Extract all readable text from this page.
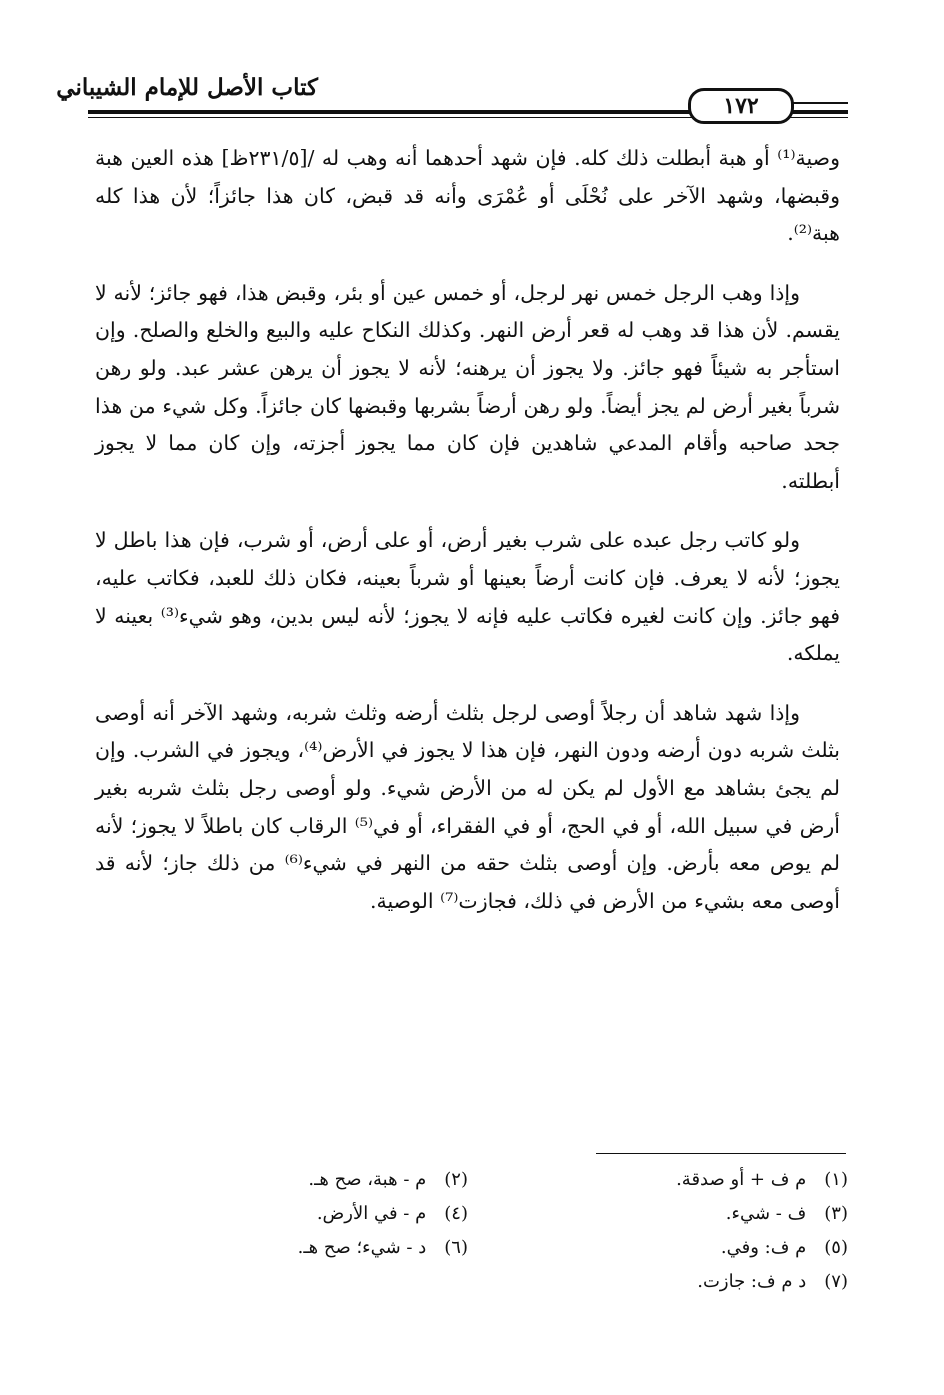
كتاب الأصل للإمام الشيباني
١٧٢

وصية⁽¹⁾ أو هبة أبطلت ذلك كله. فإن شهد أحدهما أنه وهب له /[٢٣١/٥ظ] هذه العين هبة وقبضها، وشهد الآخر على نُحْلَى أو عُمْرَى وأنه قد قبض، كان هذا جائزاً؛ لأن هذا كله هبة⁽²⁾.

وإذا وهب الرجل خمس نهر لرجل، أو خمس عين أو بئر، وقبض هذا، فهو جائز؛ لأنه لا يقسم. لأن هذا قد وهب له قعر أرض النهر. وكذلك النكاح عليه والبيع والخلع والصلح. وإن استأجر به شيئاً فهو جائز. ولا يجوز أن يرهنه؛ لأنه لا يجوز أن يرهن عشر عبد. ولو رهن شرباً بغير أرض لم يجز أيضاً. ولو رهن أرضاً بشربها وقبضها كان جائزاً. وكل شيء من هذا جحد صاحبه وأقام المدعي شاهدين فإن كان مما يجوز أجزته، وإن كان مما لا يجوز أبطلته.

ولو كاتب رجل عبده على شرب بغير أرض، أو على أرض، أو شرب، فإن هذا باطل لا يجوز؛ لأنه لا يعرف. فإن كانت أرضاً بعينها أو شرباً بعينه، فكان ذلك للعبد، فكاتب عليه، فهو جائز. وإن كانت لغيره فكاتب عليه فإنه لا يجوز؛ لأنه ليس بدين، وهو شيء⁽³⁾ بعينه لا يملكه.

وإذا شهد شاهد أن رجلاً أوصى لرجل بثلث أرضه وثلث شربه، وشهد الآخر أنه أوصى بثلث شربه دون أرضه ودون النهر، فإن هذا لا يجوز في الأرض⁽⁴⁾، ويجوز في الشرب. وإن لم يجئ بشاهد مع الأول لم يكن له من الأرض شيء. ولو أوصى رجل بثلث شربه بغير أرض في سبيل الله، أو في الحج، أو في الفقراء، أو في⁽⁵⁾ الرقاب كان باطلاً لا يجوز؛ لأنه لم يوص معه بأرض. وإن أوصى بثلث حقه من النهر في شيء⁽⁶⁾ من ذلك جاز؛ لأنه قد أوصى معه بشيء من الأرض في ذلك، فجازت⁽⁷⁾ الوصية.

(١) م ف + أو صدقة.
(٣) ف - شيء.
(٥) م ف: وفي.
(٧) د م ف: جازت.
(٢) م - هبة، صح هـ.
(٤) م - في الأرض.
(٦) د - شيء؛ صح هـ.
